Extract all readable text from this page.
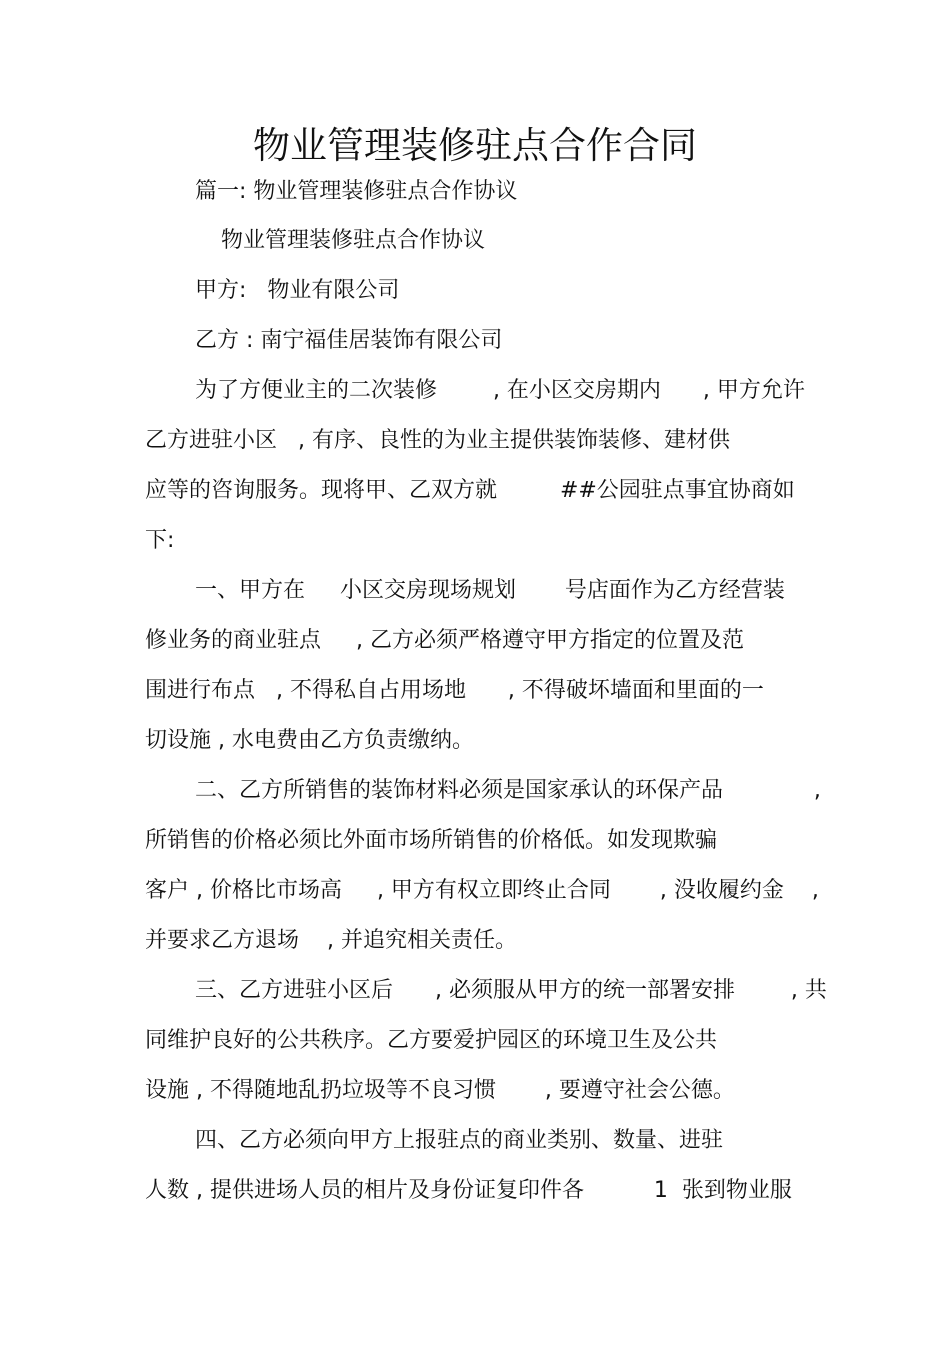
物业管理装修驻点合作合同
篇一: 物业管理装修驻点合作协议
物业管理装修驻点合作协议
甲方:   物业有限公司
乙方 : 南宁福佳居装饰有限公司
为了方便业主的二次装修        , 在小区交房期内      , 甲方允许
乙方进驻小区   , 有序、良性的为业主提供装饰装修、建材供
应等的咨询服务。现将甲、乙双方就         ##公园驻点事宜协商如
下:
一、甲方在     小区交房现场规划       号店面作为乙方经营装
修业务的商业驻点     , 乙方必须严格遵守甲方指定的位置及范
围进行布点   , 不得私自占用场地      , 不得破坏墙面和里面的一
切设施 , 水电费由乙方负责缴纳。
二、乙方所销售的装饰材料必须是国家承认的环保产品             ,
所销售的价格必须比外面市场所销售的价格低。如发现欺骗
客户 , 价格比市场高     , 甲方有权立即终止合同       , 没收履约金    ,
并要求乙方退场    , 并追究相关责任。
三、乙方进驻小区后      , 必须服从甲方的统一部署安排        , 共
同维护良好的公共秩序。乙方要爱护园区的环境卫生及公共
设施 , 不得随地乱扔垃圾等不良习惯       , 要遵守社会公德。
四、乙方必须向甲方上报驻点的商业类别、数量、进驻
人数 , 提供进场人员的相片及身份证复印件各          1  张到物业服
